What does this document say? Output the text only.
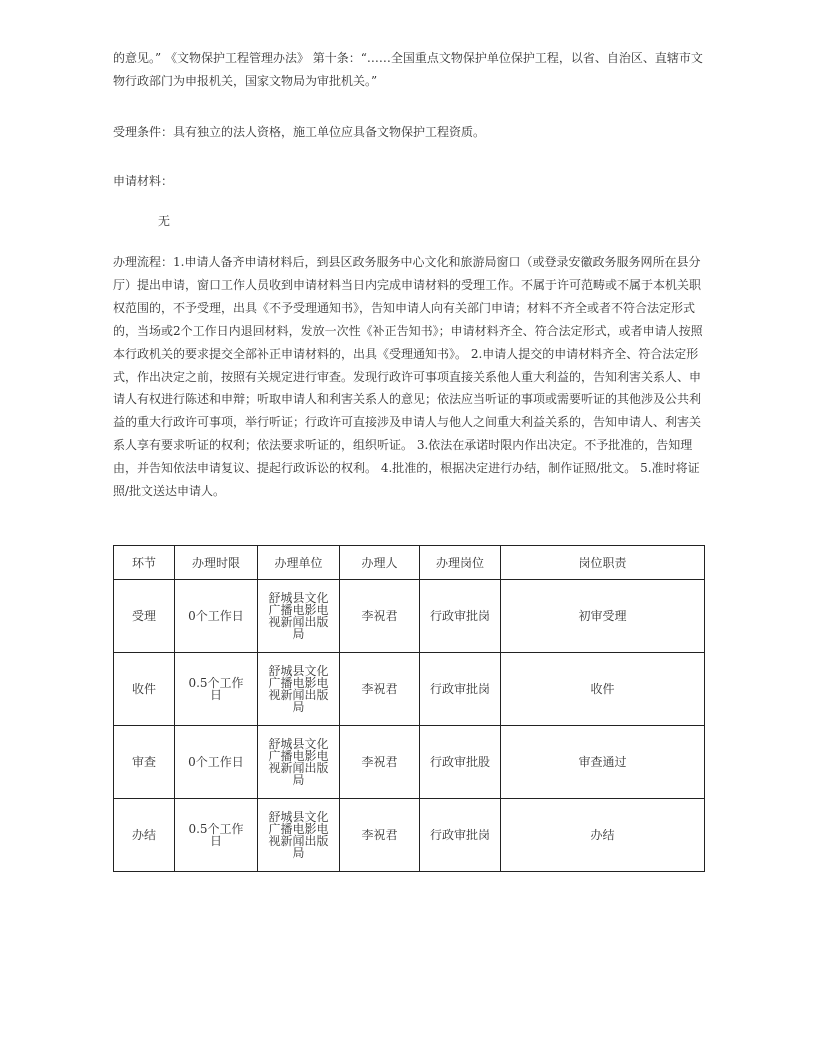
的意见。” 《文物保护工程管理办法》 第十条：“……全国重点文物保护单位保护工程，以省、自治区、直辖市文物行政部门为申报机关，国家文物局为审批机关。”

受理条件：具有独立的法人资格，施工单位应具备文物保护工程资质。

申请材料：

无

办理流程：1.申请人备齐申请材料后，到县区政务服务中心文化和旅游局窗口（或登录安徽政务服务网所在县分厅）提出申请，窗口工作人员收到申请材料当日内完成申请材料的受理工作。不属于许可范畴或不属于本机关职权范围的，不予受理，出具《不予受理通知书》，告知申请人向有关部门申请；材料不齐全或者不符合法定形式的，当场或2个工作日内退回材料，发放一次性《补正告知书》；申请材料齐全、符合法定形式，或者申请人按照本行政机关的要求提交全部补正申请材料的，出具《受理通知书》。 2.申请人提交的申请材料齐全、符合法定形式，作出决定之前，按照有关规定进行审查。发现行政许可事项直接关系他人重大利益的，告知利害关系人、申请人有权进行陈述和申辩；听取申请人和利害关系人的意见；依法应当听证的事项或需要听证的其他涉及公共利益的重大行政许可事项，举行听证；行政许可直接涉及申请人与他人之间重大利益关系的，告知申请人、利害关系人享有要求听证的权利；依法要求听证的，组织听证。 3.依法在承诺时限内作出决定。不予批准的，告知理由，并告知依法申请复议、提起行政诉讼的权利。 4.批准的，根据决定进行办结，制作证照/批文。 5.准时将证照/批文送达申请人。

环节	办理时限	办理单位	办理人	办理岗位	岗位职责
受理	0个工作日	舒城县文化广播电影电视新闻出版局	李祝君	行政审批岗	初审受理
收件	0.5个工作日	舒城县文化广播电影电视新闻出版局	李祝君	行政审批岗	收件
审查	0个工作日	舒城县文化广播电影电视新闻出版局	李祝君	行政审批股	审查通过
办结	0.5个工作日	舒城县文化广播电影电视新闻出版局	李祝君	行政审批岗	办结
